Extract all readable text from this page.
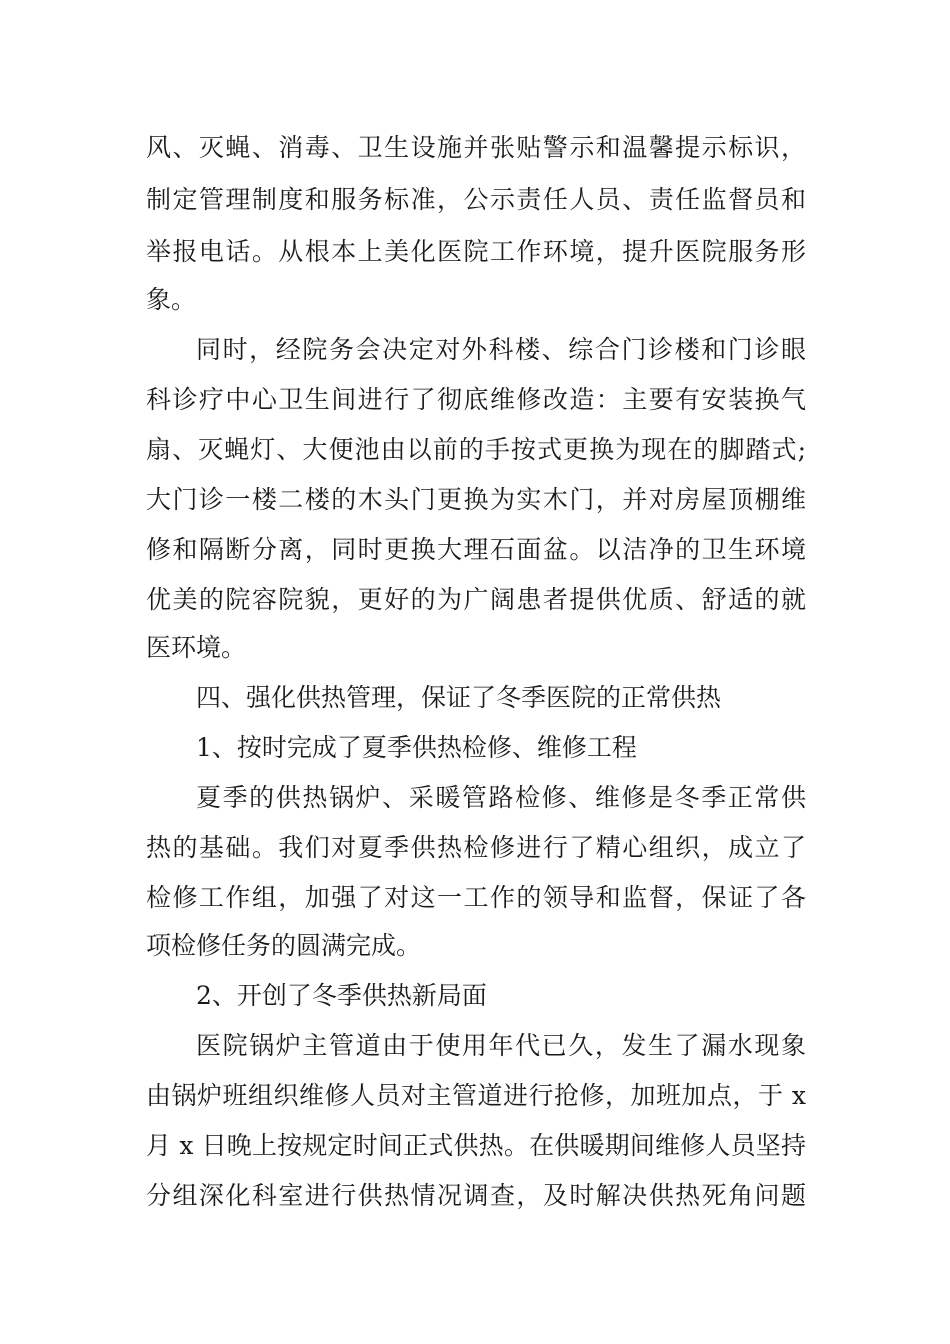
风、灭蝇、消毒、卫生设施并张贴警示和温馨提示标识，
制定管理制度和服务标准，公示责任人员、责任监督员和
举报电话。从根本上美化医院工作环境，提升医院服务形
象。
同时，经院务会决定对外科楼、综合门诊楼和门诊眼
科诊疗中心卫生间进行了彻底维修改造：主要有安装换气
扇、灭蝇灯、大便池由以前的手按式更换为现在的脚踏式;
大门诊一楼二楼的木头门更换为实木门，并对房屋顶棚维
修和隔断分离，同时更换大理石面盆。以洁净的卫生环境
优美的院容院貌，更好的为广阔患者提供优质、舒适的就
医环境。
四、强化供热管理，保证了冬季医院的正常供热
1、按时完成了夏季供热检修、维修工程
夏季的供热锅炉、采暖管路检修、维修是冬季正常供
热的基础。我们对夏季供热检修进行了精心组织，成立了
检修工作组，加强了对这一工作的领导和监督，保证了各
项检修任务的圆满完成。
2、开创了冬季供热新局面
医院锅炉主管道由于使用年代已久，发生了漏水现象
由锅炉班组织维修人员对主管道进行抢修，加班加点，于 x
月 x 日晚上按规定时间正式供热。在供暖期间维修人员坚持
分组深化科室进行供热情况调查，及时解决供热死角问题
